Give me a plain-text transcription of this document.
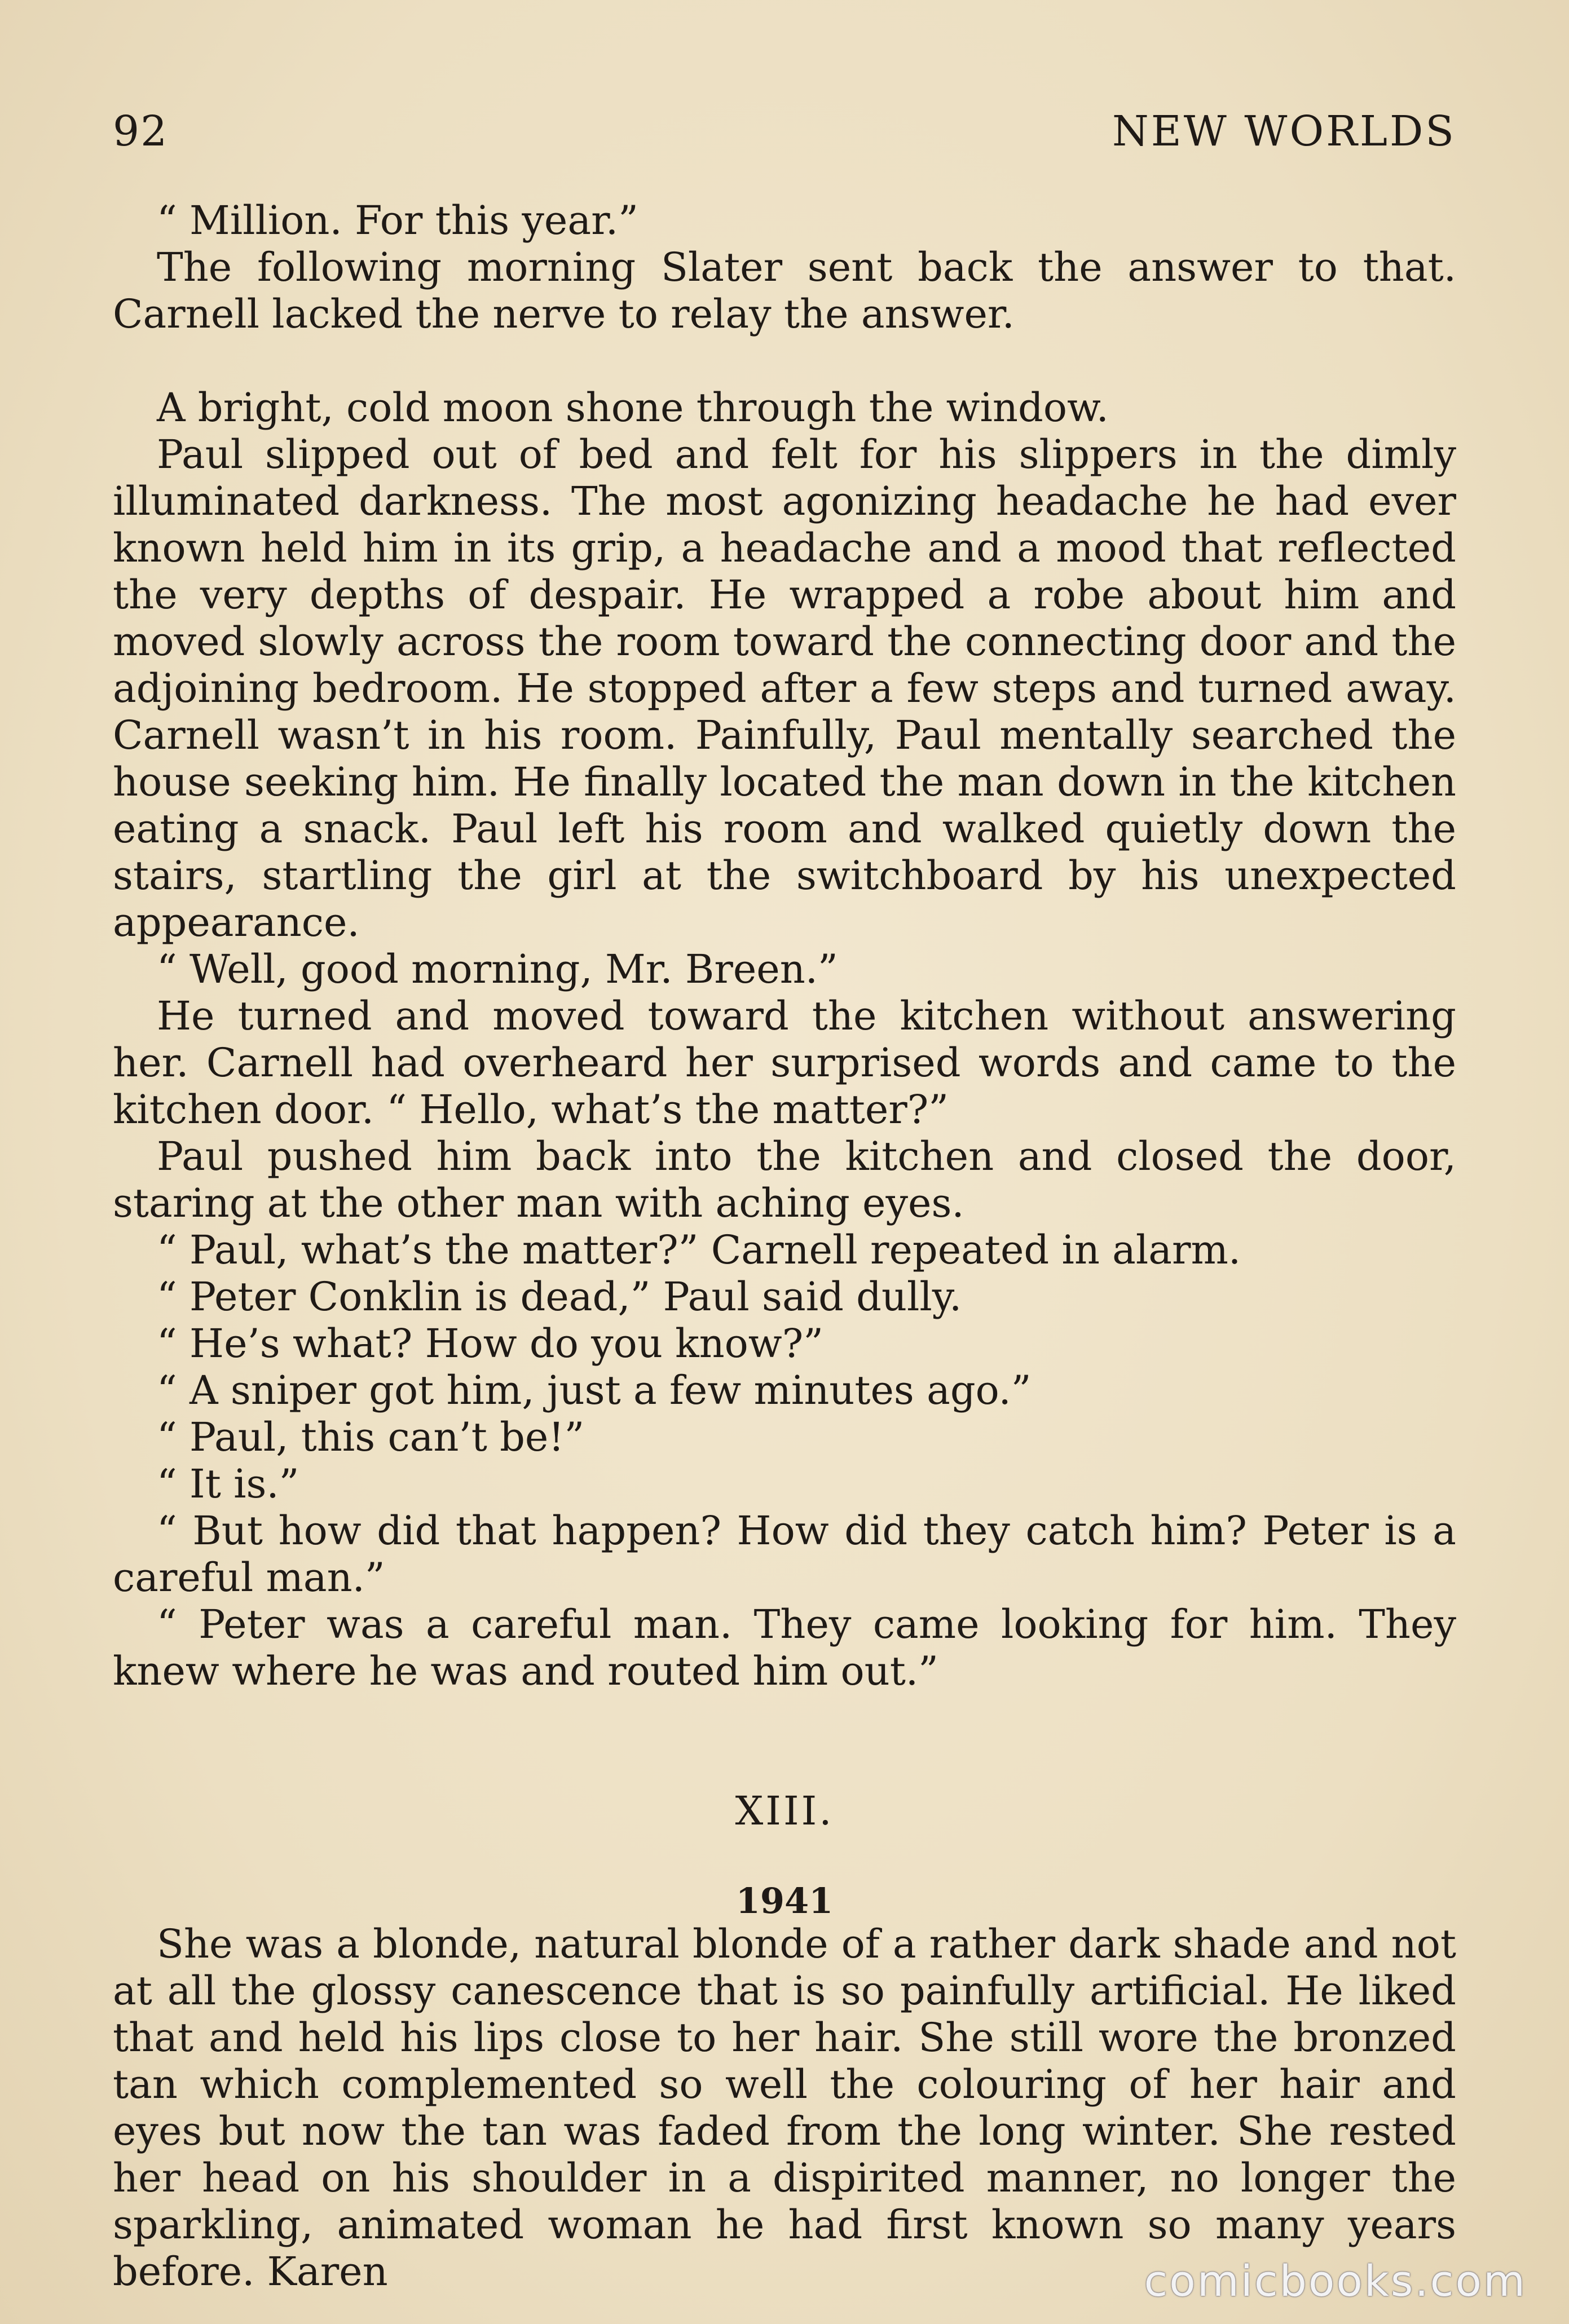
92	NEW WORLDS

“ Million. For this year.”

The following morning Slater sent back the answer to that. Carnell lacked the nerve to relay the answer.

A bright, cold moon shone through the window.

Paul slipped out of bed and felt for his slippers in the dimly illuminated darkness. The most agonizing headache he had ever known held him in its grip, a headache and a mood that reflected the very depths of despair. He wrapped a robe about him and moved slowly across the room toward the connecting door and the adjoining bedroom. He stopped after a few steps and turned away. Carnell wasn’t in his room. Painfully, Paul mentally searched the house seeking him. He finally located the man down in the kitchen eating a snack. Paul left his room and walked quietly down the stairs, startling the girl at the switchboard by his unexpected appearance.

“ Well, good morning, Mr. Breen.”

He turned and moved toward the kitchen without answering her. Carnell had overheard her surprised words and came to the kitchen door. “ Hello, what’s the matter?”

Paul pushed him back into the kitchen and closed the door, staring at the other man with aching eyes.

“ Paul, what’s the matter?” Carnell repeated in alarm.

“ Peter Conklin is dead,” Paul said dully.

“ He’s what? How do you know?”

“ A sniper got him, just a few minutes ago.”

“ Paul, this can’t be!”

“ It is.”

“ But how did that happen? How did they catch him? Peter is a careful man.”

“ Peter was a careful man. They came looking for him. They knew where he was and routed him out.”

XIII.

1941

She was a blonde, natural blonde of a rather dark shade and not at all the glossy canescence that is so painfully artificial. He liked that and held his lips close to her hair. She still wore the bronzed tan which complemented so well the colouring of her hair and eyes but now the tan was faded from the long winter. She rested her head on his shoulder in a dispirited manner, no longer the sparkling, animated woman he had first known so many years before. Karen	comicbooks.com
